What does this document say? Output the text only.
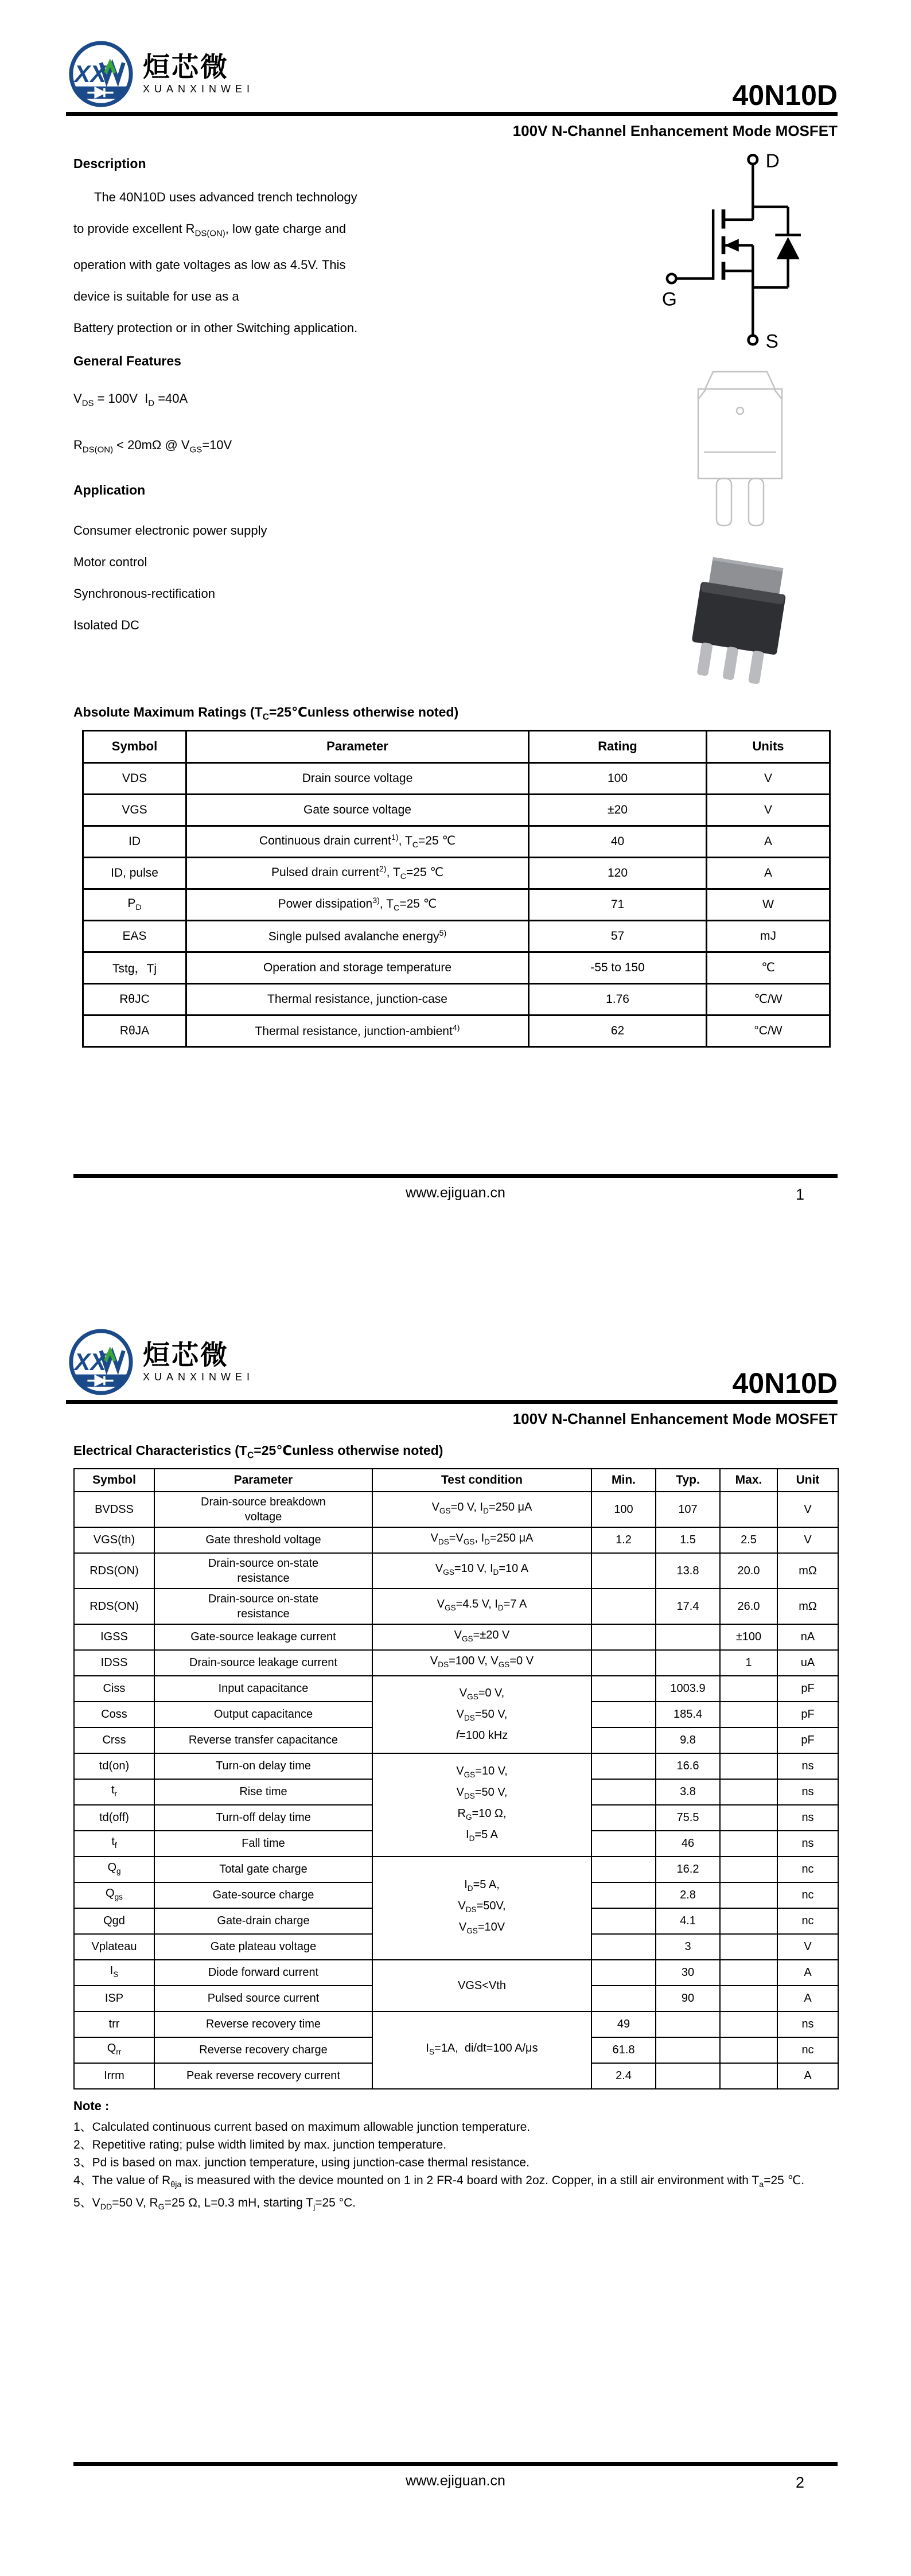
XX 烜芯微
XUANXINWEI	40N10D
100V N-Channel Enhancement Mode MOSFET
Description
The 40N10D uses advanced trench technology
to provide excellent $R_{DS(ON)}$, low gate charge and
operation with gate voltages as low as 4.5V. This
device is suitable for use as a
Battery protection or in other Switching application.
General Features
$V_{DS} = 100V$  $I_D =40A$
$R_{DS(ON)} < 20m\Omega$ @ $V_{GS}=10V$
Application
Consumer electronic power supply
Motor control
Synchronous-rectification
Isolated DC
D
G
S
Absolute Maximum Ratings ($T_C=25℃unless$ otherwise noted)
Symbol	Parameter	Rating	Units
VDS	Drain source voltage	100	V
VGS	Gate source voltage	±20	V
ID	Continuous drain current$^{1)}$, $T_C=25$ ℃	40	A
ID, pulse	Pulsed drain current$^{2)}$, $T_C=25$ ℃	120	A
$P_D$	Power dissipation$^{3)}$, $T_C=25$ ℃	71	W
EAS	Single pulsed avalanche energy$^{5)}$	57	mJ
Tstg，Tj	Operation and storage temperature	-55 to 150	℃
RθJC	Thermal resistance, junction-case	1.76	℃/W
RθJA	Thermal resistance, junction-ambient$^{4)}$	62	°C/W
www.ejiguan.cn	1
XX 烜芯微
XUANXINWEI	40N10D
100V N-Channel Enhancement Mode MOSFET
Electrical Characteristics ($T_C=25℃unless$ otherwise noted)
Symbol	Parameter	Test condition	Min.	Typ.	Max.	Unit
BVDSS	Drain-source breakdown
voltage	$V_{GS}=0$ V, $I_D=250$ μA	100	107		V
VGS(th)	Gate threshold voltage	$V_{DS}=V_{GS}$, $I_D=250$ μA	1.2	1.5	2.5	V
RDS(ON)	Drain-source on-state
resistance	$V_{GS}=10$ V, $I_D=10$ A		13.8	20.0	mΩ
RDS(ON)	Drain-source on-state
resistance	$V_{GS}=4.5$ V, $I_D=7$ A		17.4	26.0	mΩ
IGSS	Gate-source leakage current	$V_{GS}=\pm 20$ V			±100	nA
IDSS	Drain-source leakage current	$V_{DS}=100$ V, $V_{GS}=0$ V			1	uA
Ciss	Input capacitance	$V_{GS}=0$ V,
$V_{DS}=50$ V,
f=100 kHz		1003.9		pF
Coss	Output capacitance			185.4		pF
Crss	Reverse transfer capacitance			9.8		pF
td(on)	Turn-on delay time	$V_{GS}=10$ V,
$V_{DS}=50$ V,
$R_G=10$ Ω,
$I_D=5$ A		16.6		ns
$t_r$	Rise time			3.8		ns
td(off)	Turn-off delay time			75.5		ns
$t_f$	Fall time			46		ns
$Q_g$	Total gate charge	$I_D=5$ A,
$V_{DS}=50V$,
$V_{GS}=10V$		16.2		nc
$Q_{gs}$	Gate-source charge			2.8		nc
Qgd	Gate-drain charge			4.1		nc
Vplateau	Gate plateau voltage			3		V
$I_S$	Diode forward current	VGS<Vth		30		A
ISP	Pulsed source current			90		A
trr	Reverse recovery time	$I_S=1A$,  di/dt=100 A/μs	49			ns
$Q_{rr}$	Reverse recovery charge		61.8			nc
Irrm	Peak reverse recovery current		2.4			A
Note :
1、Calculated continuous current based on maximum allowable junction temperature.
2、Repetitive rating; pulse width limited by max. junction temperature.
3、Pd is based on max. junction temperature, using junction-case thermal resistance.
4、The value of $R_{\theta ja}$ is measured with the device mounted on 1 in 2 FR-4 board with 2oz. Copper, in a still air environment with $T_a=25$ ℃.
5、$V_{DD}=50$ V, $R_G=25$ Ω, L=0.3 mH, starting $T_j=25$ °C.
www.ejiguan.cn	2
